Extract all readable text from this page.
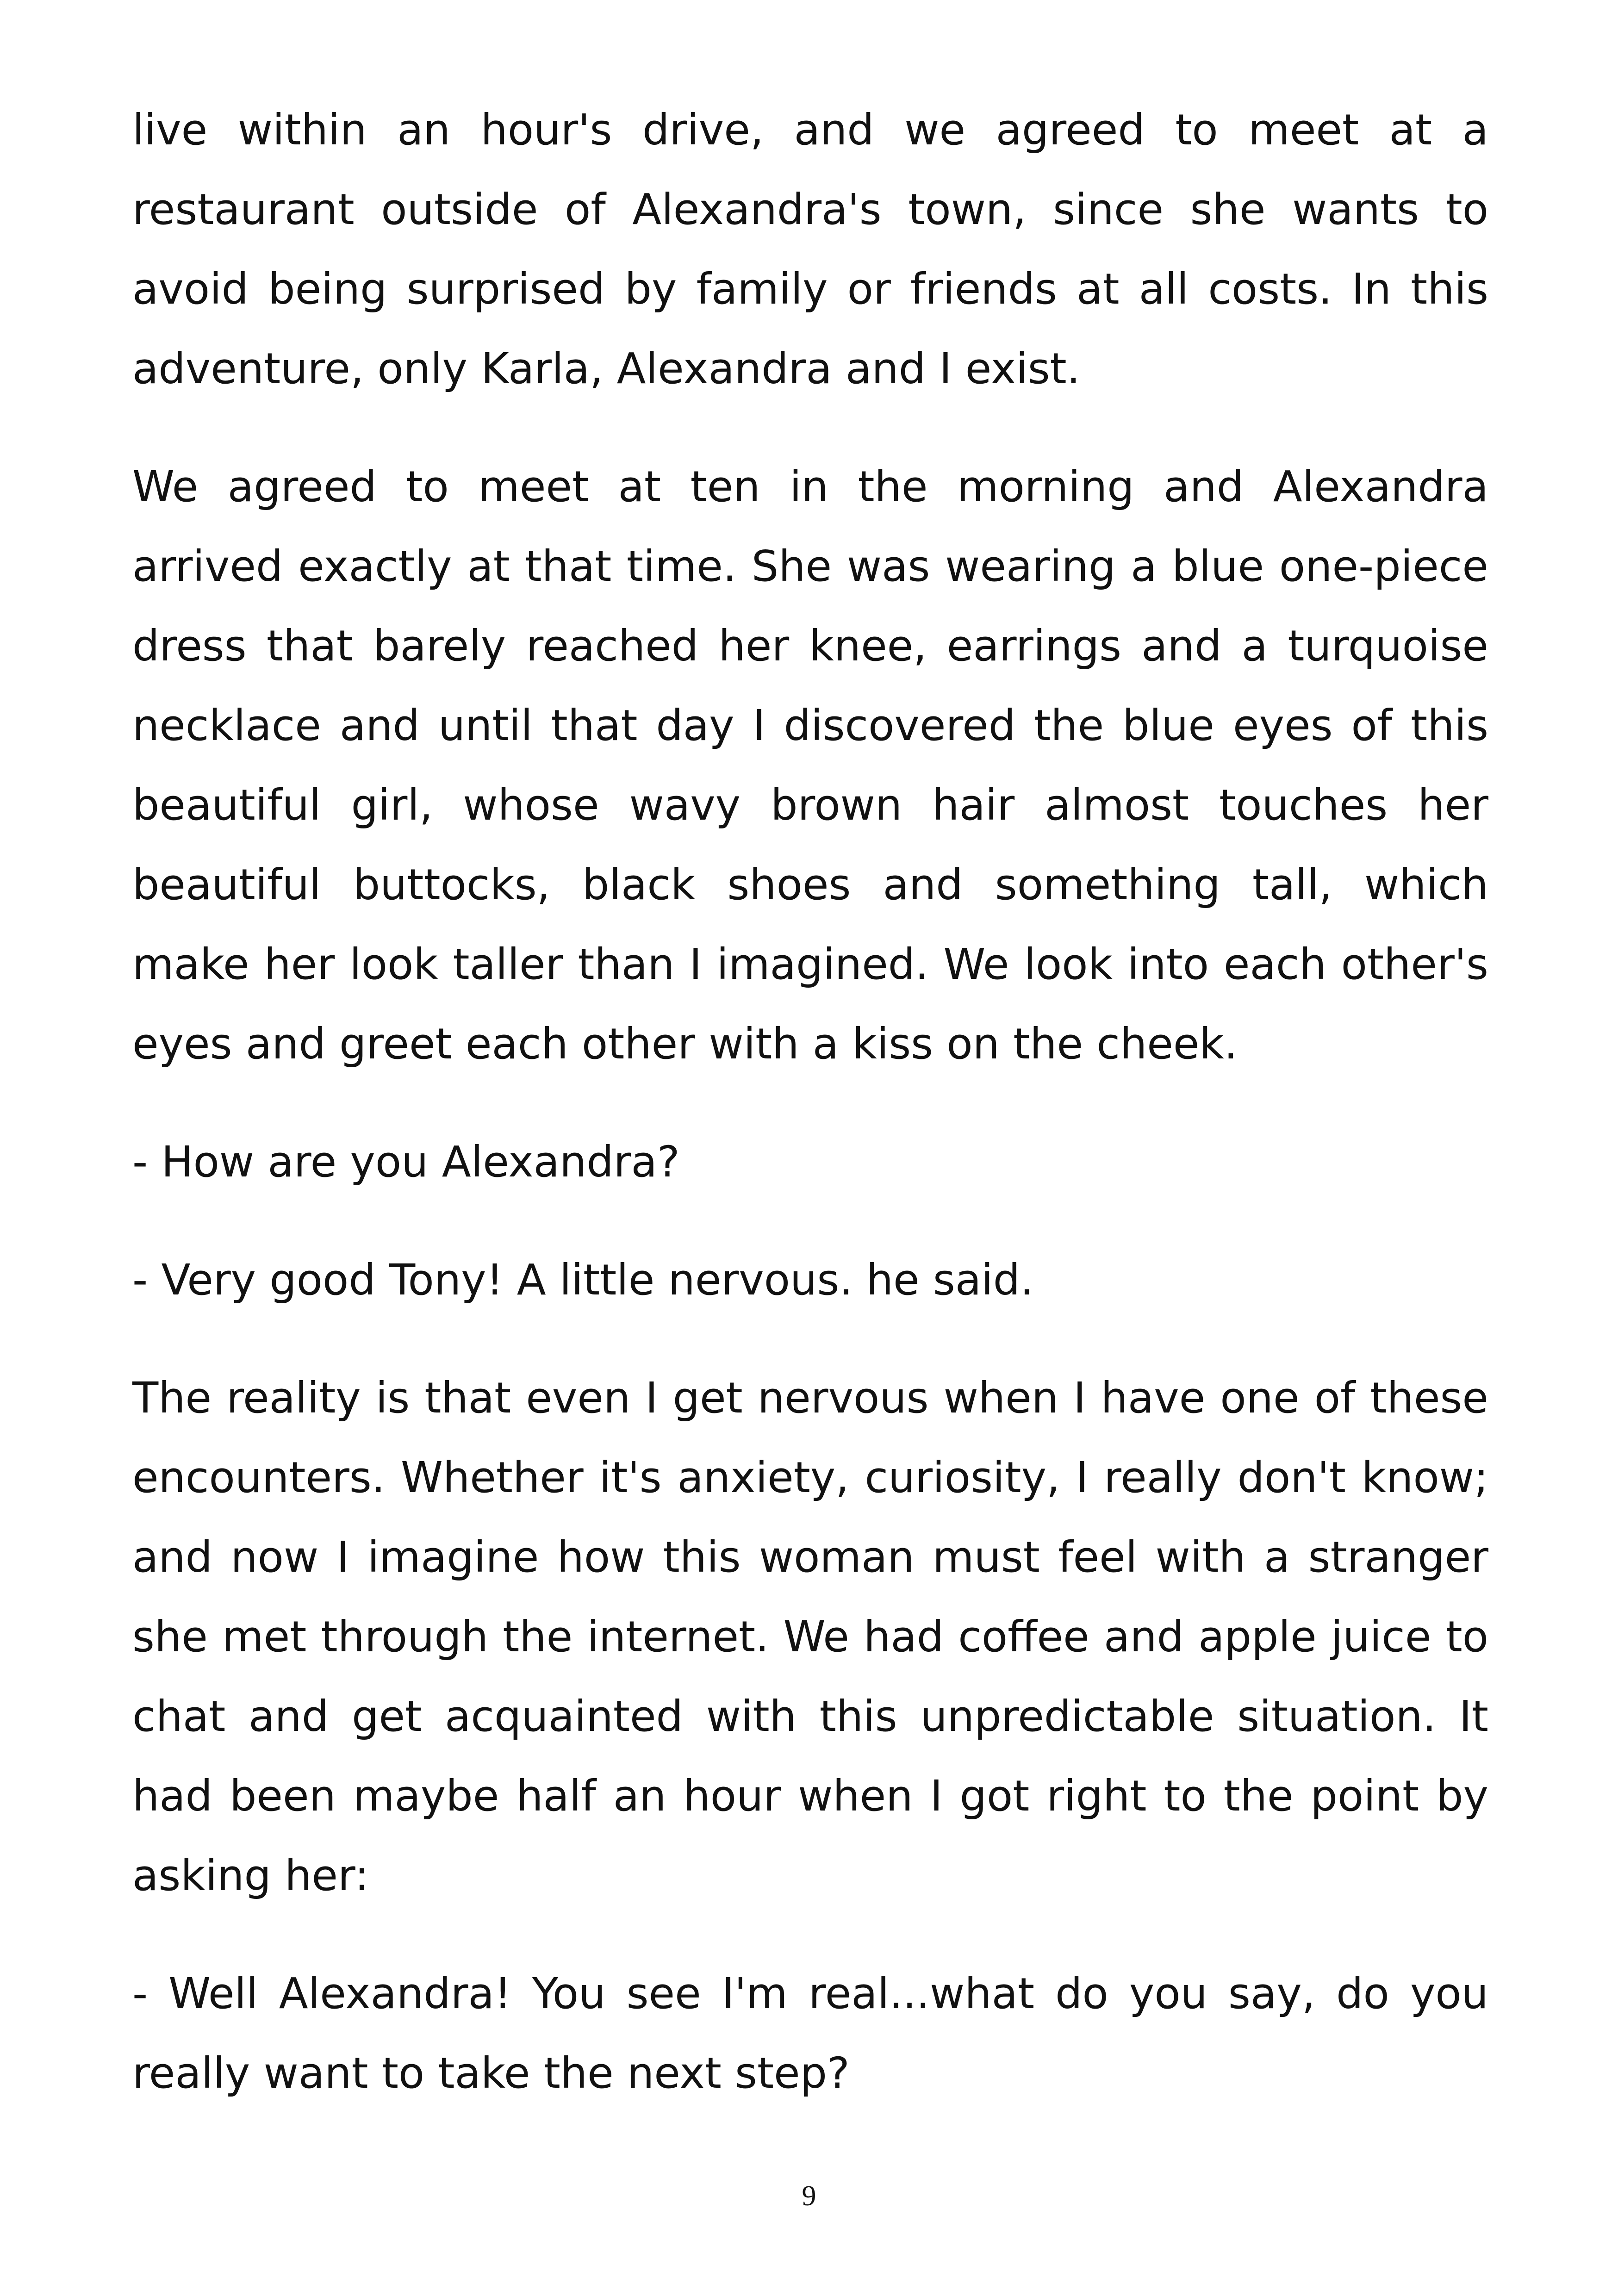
live within an hour's drive, and we agreed to meet at a restaurant outside of Alexandra's town, since she wants to avoid being surprised by family or friends at all costs. In this adventure, only Karla, Alexandra and I exist.

We agreed to meet at ten in the morning and Alexandra arrived exactly at that time. She was wearing a blue one-piece dress that barely reached her knee, earrings and a turquoise necklace and until that day I discovered the blue eyes of this beautiful girl, whose wavy brown hair almost touches her beautiful buttocks, black shoes and something tall, which make her look taller than I imagined. We look into each other's eyes and greet each other with a kiss on the cheek.

- How are you Alexandra?

- Very good Tony! A little nervous. he said.

The reality is that even I get nervous when I have one of these encounters. Whether it's anxiety, curiosity, I really don't know; and now I imagine how this woman must feel with a stranger she met through the internet. We had coffee and apple juice to chat and get acquainted with this unpredictable situation. It had been maybe half an hour when I got right to the point by asking her:

- Well Alexandra! You see I'm real...what do you say, do you really want to take the next step?

9
